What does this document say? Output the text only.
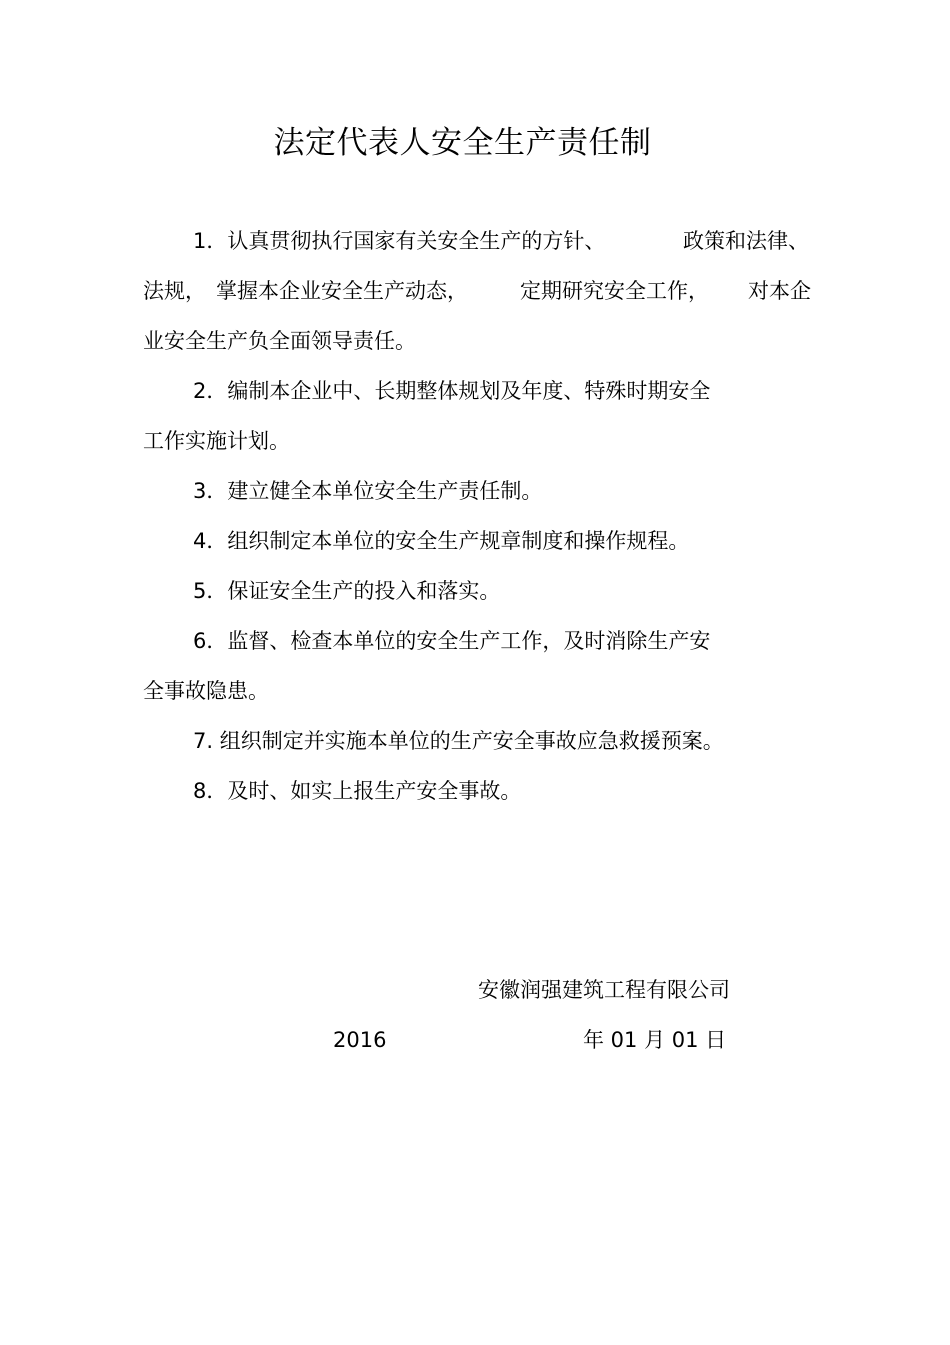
法定代表人安全生产责任制
1．认真贯彻执行国家有关安全生产的方针、	政策和法律、
法规， 掌握本企业安全生产动态， 定期研究安全工作， 对本企
业安全生产负全面领导责任。
2．编制本企业中、长期整体规划及年度、特殊时期安全
工作实施计划。
3．建立健全本单位安全生产责任制。
4．组织制定本单位的安全生产规章制度和操作规程。
5．保证安全生产的投入和落实。
6．监督、检查本单位的安全生产工作，及时消除生产安
全事故隐患。
7. 组织制定并实施本单位的生产安全事故应急救援预案。
8．及时、如实上报生产安全事故。
安徽润强建筑工程有限公司
2016	年 01 月 01 日
